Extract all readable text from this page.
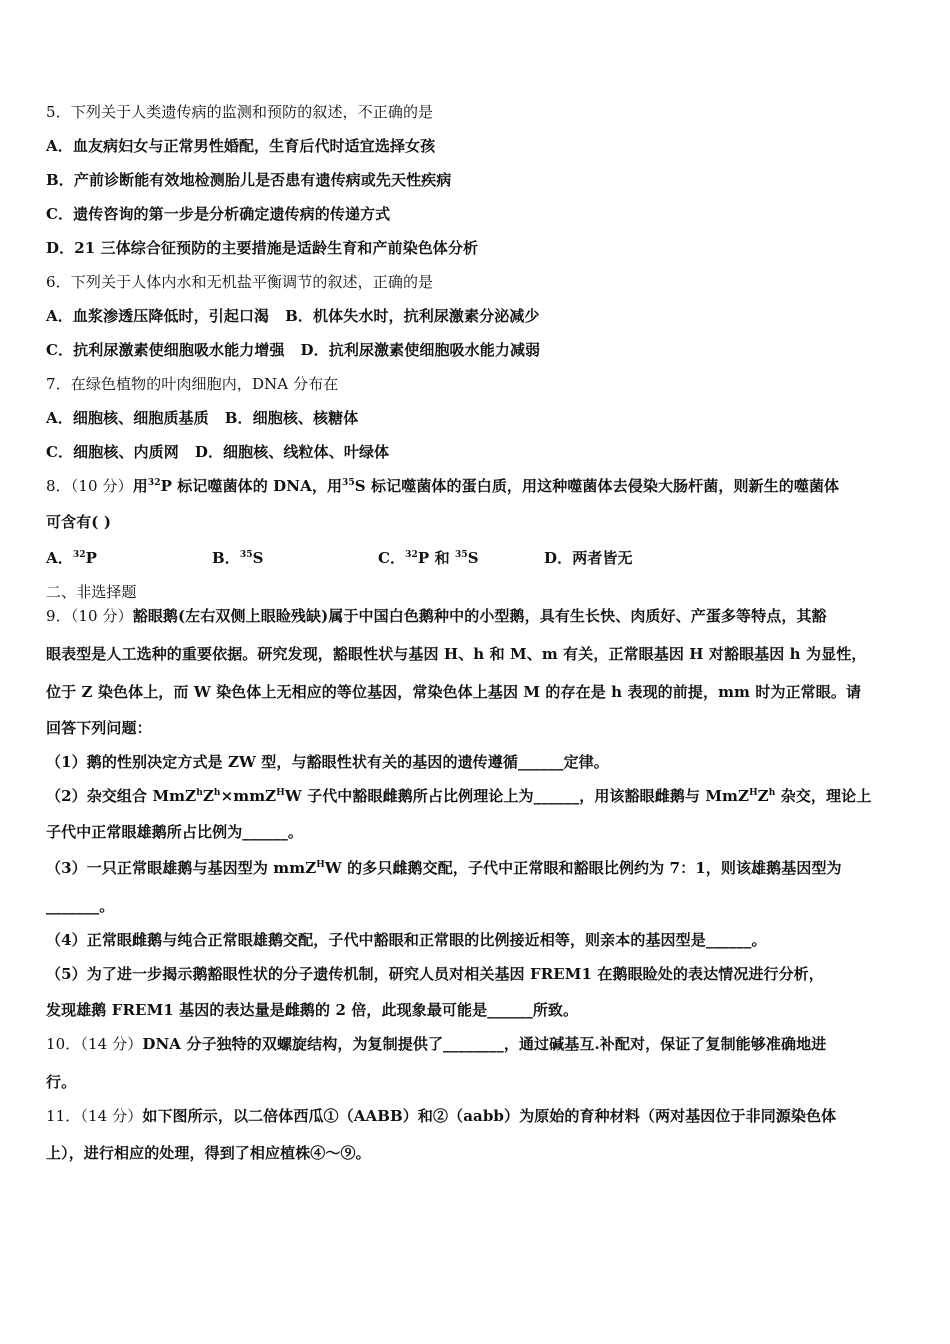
5．下列关于人类遗传病的监测和预防的叙述，不正确的是
A．血友病妇女与正常男性婚配，生育后代时适宜选择女孩
B．产前诊断能有效地检测胎儿是否患有遗传病或先天性疾病
C．遗传咨询的第一步是分析确定遗传病的传递方式
D．21 三体综合征预防的主要措施是适龄生育和产前染色体分析
6．下列关于人体内水和无机盐平衡调节的叙述，正确的是
A．血浆渗透压降低时，引起口渴 B．机体失水时，抗利尿激素分泌减少
C．抗利尿激素使细胞吸水能力增强 D．抗利尿激素使细胞吸水能力减弱
7．在绿色植物的叶肉细胞内，DNA 分布在
A．细胞核、细胞质基质 B．细胞核、核糖体
C．细胞核、内质网 D．细胞核、线粒体、叶绿体
8．（10 分）用$^{32}$P 标记噬菌体的 DNA，用$^{35}$S 标记噬菌体的蛋白质，用这种噬菌体去侵染大肠杆菌，则新生的噬菌体
可含有( )
A．$^{32}$P	B．$^{35}$S	C．$^{32}$P 和 $^{35}$S	D．两者皆无
二、非选择题
9．（10 分）豁眼鹅(左右双侧上眼睑残缺)属于中国白色鹅种中的小型鹅，具有生长快、肉质好、产蛋多等特点，其豁
眼表型是人工选种的重要依据。研究发现，豁眼性状与基因 H、h 和 M、m 有关，正常眼基因 H 对豁眼基因 h 为显性，
位于 Z 染色体上，而 W 染色体上无相应的等位基因，常染色体上基因 M 的存在是 h 表现的前提，mm 时为正常眼。请
回答下列问题：
（1）鹅的性别决定方式是 ZW 型，与豁眼性状有关的基因的遗传遵循______定律。
（2）杂交组合 $MmZ^hZ^h\times mmZ^HW$ 子代中豁眼雌鹅所占比例理论上为______，用该豁眼雌鹅与 $MmZ^HZ^h$ 杂交，理论上
子代中正常眼雄鹅所占比例为______。
（3）一只正常眼雄鹅与基因型为 mmZ$^H$W 的多只雌鹅交配，子代中正常眼和豁眼比例约为 7：1，则该雄鹅基因型为
_______。
（4）正常眼雌鹅与纯合正常眼雄鹅交配，子代中豁眼和正常眼的比例接近相等，则亲本的基因型是______。
（5）为了进一步揭示鹅豁眼性状的分子遗传机制，研究人员对相关基因 FREM1 在鹅眼睑处的表达情况进行分析，
发现雄鹅 FREM1 基因的表达量是雌鹅的 2 倍，此现象最可能是______所致。
10．（14 分）DNA 分子独特的双螺旋结构，为复制提供了________，通过碱基互.补配对，保证了复制能够准确地进
行。
11．（14 分）如下图所示，以二倍体西瓜①（AABB）和②（aabb）为原始的育种材料（两对基因位于非同源染色体
上），进行相应的处理，得到了相应植株④～⑨。
